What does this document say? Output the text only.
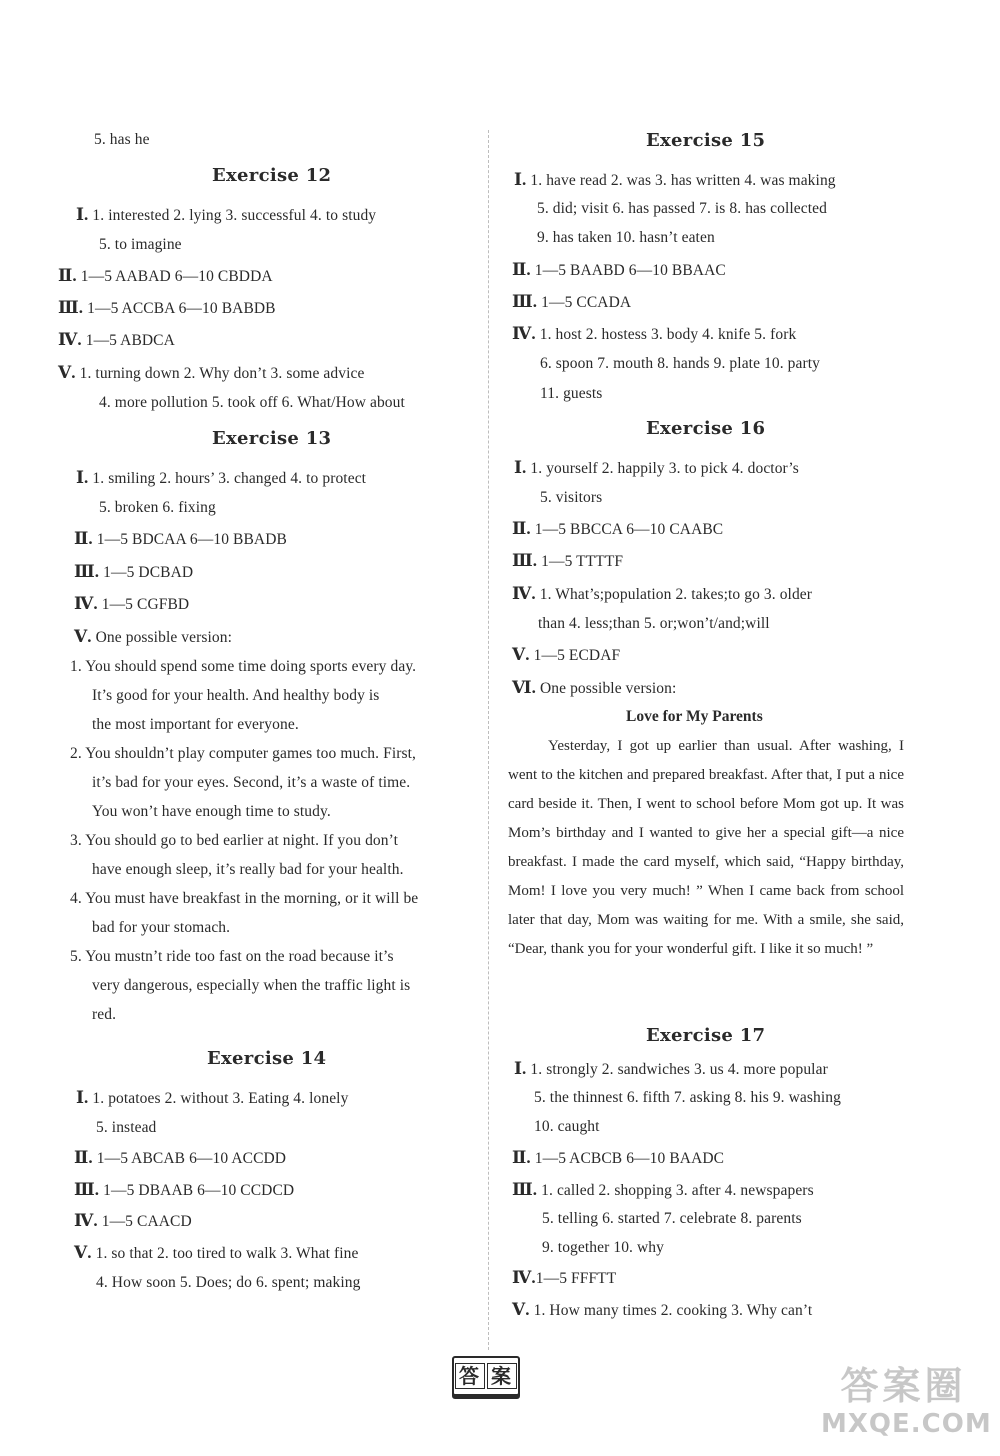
5. has he
Exercise 12
Ⅰ. 1. interested 2. lying 3. successful 4. to study
5. to imagine
Ⅱ. 1—5 AABAD 6—10 CBDDA
Ⅲ. 1—5 ACCBA 6—10 BABDB
Ⅳ. 1—5 ABDCA
Ⅴ. 1. turning down 2. Why don’t 3. some advice
4. more pollution 5. took off 6. What/How about
Exercise 13
Ⅰ. 1. smiling 2. hours’ 3. changed 4. to protect
5. broken 6. fixing
Ⅱ. 1—5 BDCAA 6—10 BBADB
Ⅲ. 1—5 DCBAD
Ⅳ. 1—5 CGFBD
Ⅴ. One possible version:
1. You should spend some time doing sports every day.
It’s good for your health. And healthy body is
the most important for everyone.
2. You shouldn’t play computer games too much. First,
it’s bad for your eyes. Second, it’s a waste of time.
You won’t have enough time to study.
3. You should go to bed earlier at night. If you don’t
have enough sleep, it’s really bad for your health.
4. You must have breakfast in the morning, or it will be
bad for your stomach.
5. You mustn’t ride too fast on the road because it’s
very dangerous, especially when the traffic light is
red.
Exercise 14
Ⅰ. 1. potatoes 2. without 3. Eating 4. lonely
5. instead
Ⅱ. 1—5 ABCAB 6—10 ACCDD
Ⅲ. 1—5 DBAAB 6—10 CCDCD
Ⅳ. 1—5 CAACD
Ⅴ. 1. so that 2. too tired to walk 3. What fine
4. How soon 5. Does; do 6. spent; making
Exercise 15
Ⅰ. 1. have read 2. was 3. has written 4. was making
5. did; visit 6. has passed 7. is 8. has collected
9. has taken 10. hasn’t eaten
Ⅱ. 1—5 BAABD 6—10 BBAAC
Ⅲ. 1—5 CCADA
Ⅳ. 1. host 2. hostess 3. body 4. knife 5. fork
6. spoon 7. mouth 8. hands 9. plate 10. party
11. guests
Exercise 16
Ⅰ. 1. yourself 2. happily 3. to pick 4. doctor’s
5. visitors
Ⅱ. 1—5 BBCCA 6—10 CAABC
Ⅲ. 1—5 TTTTF
Ⅳ. 1. What’s;population 2. takes;to go 3. older
than 4. less;than 5. or;won’t/and;will
Ⅴ. 1—5 ECDAF
Ⅵ. One possible version:
Love for My Parents
Yesterday, I got up earlier than usual. After washing, I went to the kitchen and prepared breakfast. After that, I put a nice card beside it. Then, I went to school before Mom got up. It was Mom’s birthday and I wanted to give her a special gift—a nice breakfast. I made the card myself, which said, “Happy birthday, Mom! I love you very much! ” When I came back from school later that day, Mom was waiting for me. With a smile, she said, “Dear, thank you for your wonderful gift. I like it so much! ”
Exercise 17
Ⅰ. 1. strongly 2. sandwiches 3. us 4. more popular
5. the thinnest 6. fifth 7. asking 8. his 9. washing
10. caught
Ⅱ. 1—5 ACBCB 6—10 BAADC
Ⅲ. 1. called 2. shopping 3. after 4. newspapers
5. telling 6. started 7. celebrate 8. parents
9. together 10. why
Ⅳ.1—5 FFFTT
Ⅴ. 1. How many times 2. cooking 3. Why can’t
答 案	答案圈
MXQE.COM
